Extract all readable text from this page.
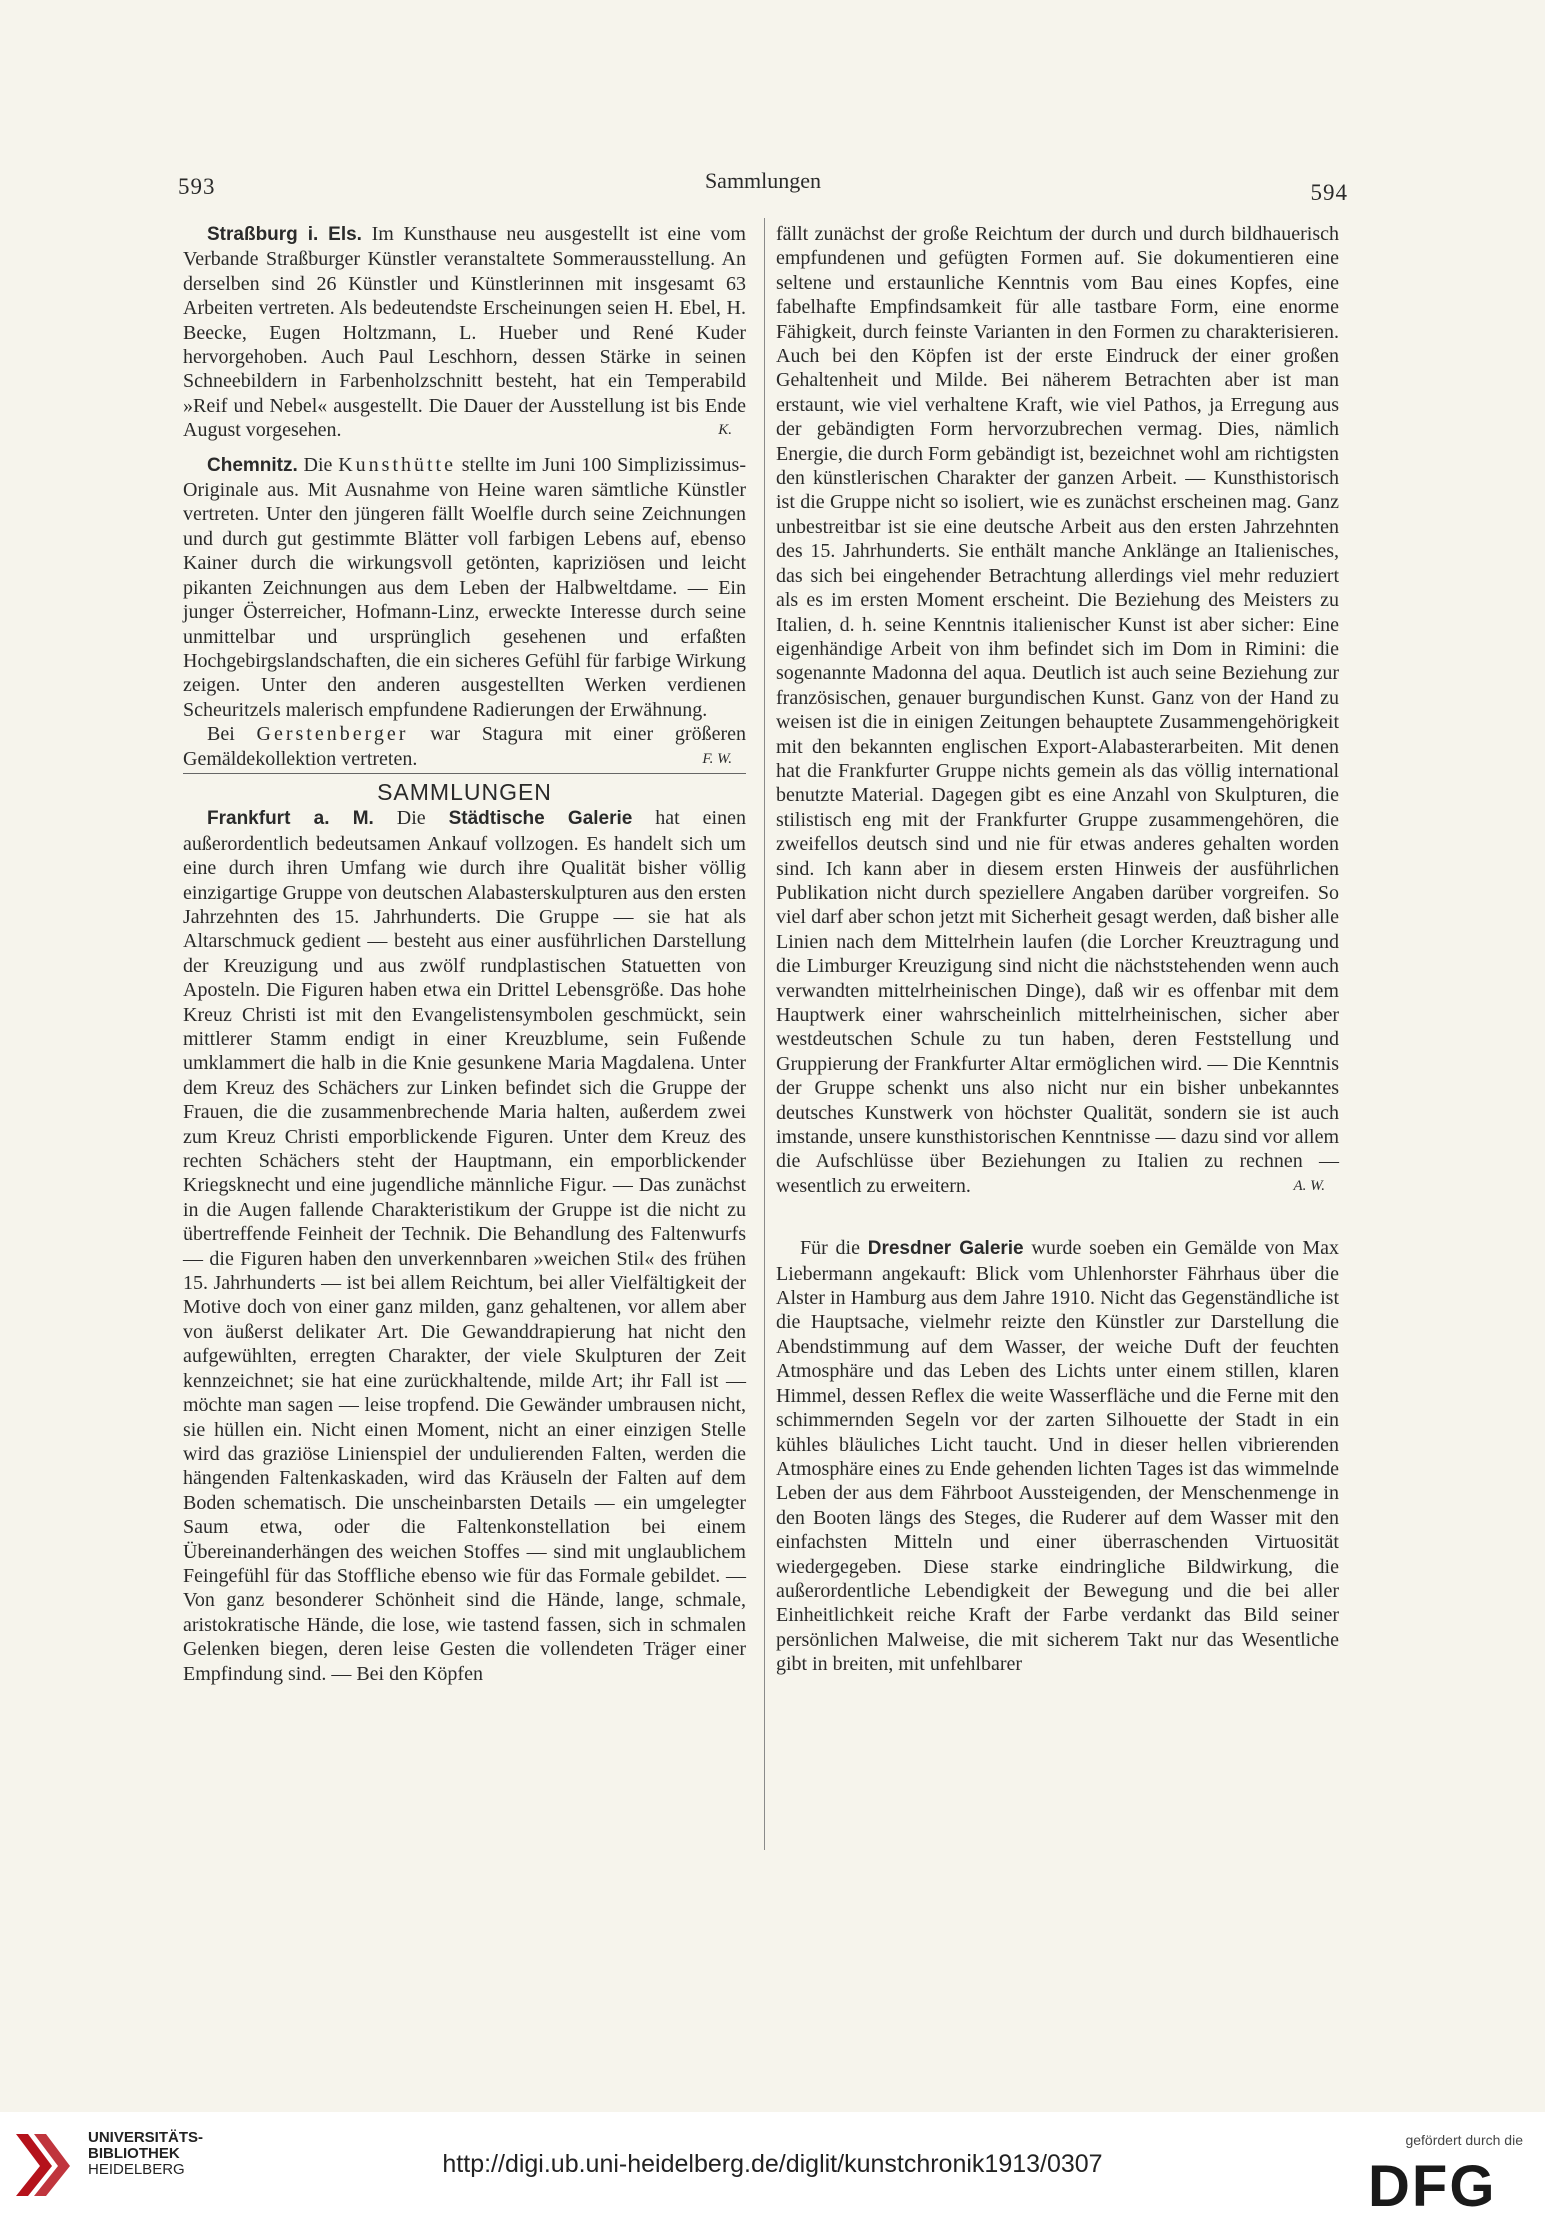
593	Sammlungen	594

Straßburg i. Els. Im Kunsthause neu ausgestellt ist eine vom Verbande Straßburger Künstler veranstaltete Sommerausstellung. An derselben sind 26 Künstler und Künstlerinnen mit insgesamt 63 Arbeiten vertreten. Als bedeutendste Erscheinungen seien H. Ebel, H. Beecke, Eugen Holtzmann, L. Hueber und René Kuder hervorgehoben. Auch Paul Leschhorn, dessen Stärke in seinen Schneebildern in Farbenholzschnitt besteht, hat ein Temperabild »Reif und Nebel« ausgestellt. Die Dauer der Ausstellung ist bis Ende August vorgesehen.	K.

Chemnitz. Die Kunsthütte stellte im Juni 100 Simplizissimus-Originale aus. Mit Ausnahme von Heine waren sämtliche Künstler vertreten. Unter den jüngeren fällt Woelfle durch seine Zeichnungen und durch gut gestimmte Blätter voll farbigen Lebens auf, ebenso Kainer durch die wirkungsvoll getönten, kapriziösen und leicht pikanten Zeichnungen aus dem Leben der Halbweltdame. — Ein junger Österreicher, Hofmann-Linz, erweckte Interesse durch seine unmittelbar und ursprünglich gesehenen und erfaßten Hochgebirgslandschaften, die ein sicheres Gefühl für farbige Wirkung zeigen. Unter den anderen ausgestellten Werken verdienen Scheuritzels malerisch empfundene Radierungen der Erwähnung.

Bei Gerstenberger war Stagura mit einer größeren Gemäldekollektion vertreten.	F. W.

SAMMLUNGEN

Frankfurt a. M. Die Städtische Galerie hat einen außerordentlich bedeutsamen Ankauf vollzogen. Es handelt sich um eine durch ihren Umfang wie durch ihre Qualität bisher völlig einzigartige Gruppe von deutschen Alabasterskulpturen aus den ersten Jahrzehnten des 15. Jahrhunderts. Die Gruppe — sie hat als Altarschmuck gedient — besteht aus einer ausführlichen Darstellung der Kreuzigung und aus zwölf rundplastischen Statuetten von Aposteln. Die Figuren haben etwa ein Drittel Lebensgröße. Das hohe Kreuz Christi ist mit den Evangelistensymbolen geschmückt, sein mittlerer Stamm endigt in einer Kreuzblume, sein Fußende umklammert die halb in die Knie gesunkene Maria Magdalena. Unter dem Kreuz des Schächers zur Linken befindet sich die Gruppe der Frauen, die die zusammenbrechende Maria halten, außerdem zwei zum Kreuz Christi emporblickende Figuren. Unter dem Kreuz des rechten Schächers steht der Hauptmann, ein emporblickender Kriegsknecht und eine jugendliche männliche Figur. — Das zunächst in die Augen fallende Charakteristikum der Gruppe ist die nicht zu übertreffende Feinheit der Technik. Die Behandlung des Faltenwurfs — die Figuren haben den unverkennbaren »weichen Stil« des frühen 15. Jahrhunderts — ist bei allem Reichtum, bei aller Vielfältigkeit der Motive doch von einer ganz milden, ganz gehaltenen, vor allem aber von äußerst delikater Art. Die Gewanddrapierung hat nicht den aufgewühlten, erregten Charakter, der viele Skulpturen der Zeit kennzeichnet; sie hat eine zurückhaltende, milde Art; ihr Fall ist — möchte man sagen — leise tropfend. Die Gewänder umbrausen nicht, sie hüllen ein. Nicht einen Moment, nicht an einer einzigen Stelle wird das graziöse Linienspiel der undulierenden Falten, werden die hängenden Faltenkaskaden, wird das Kräuseln der Falten auf dem Boden schematisch. Die unscheinbarsten Details — ein umgelegter Saum etwa, oder die Faltenkonstellation bei einem Übereinanderhängen des weichen Stoffes — sind mit unglaublichem Feingefühl für das Stoffliche ebenso wie für das Formale gebildet. — Von ganz besonderer Schönheit sind die Hände, lange, schmale, aristokratische Hände, die lose, wie tastend fassen, sich in schmalen Gelenken biegen, deren leise Gesten die vollendeten Träger einer Empfindung sind. — Bei den Köpfen

fällt zunächst der große Reichtum der durch und durch bildhauerisch empfundenen und gefügten Formen auf. Sie dokumentieren eine seltene und erstaunliche Kenntnis vom Bau eines Kopfes, eine fabelhafte Empfindsamkeit für alle tastbare Form, eine enorme Fähigkeit, durch feinste Varianten in den Formen zu charakterisieren. Auch bei den Köpfen ist der erste Eindruck der einer großen Gehaltenheit und Milde. Bei näherem Betrachten aber ist man erstaunt, wie viel verhaltene Kraft, wie viel Pathos, ja Erregung aus der gebändigten Form hervorzubrechen vermag. Dies, nämlich Energie, die durch Form gebändigt ist, bezeichnet wohl am richtigsten den künstlerischen Charakter der ganzen Arbeit. — Kunsthistorisch ist die Gruppe nicht so isoliert, wie es zunächst erscheinen mag. Ganz unbestreitbar ist sie eine deutsche Arbeit aus den ersten Jahrzehnten des 15. Jahrhunderts. Sie enthält manche Anklänge an Italienisches, das sich bei eingehender Betrachtung allerdings viel mehr reduziert als es im ersten Moment erscheint. Die Beziehung des Meisters zu Italien, d. h. seine Kenntnis italienischer Kunst ist aber sicher: Eine eigenhändige Arbeit von ihm befindet sich im Dom in Rimini: die sogenannte Madonna del aqua. Deutlich ist auch seine Beziehung zur französischen, genauer burgundischen Kunst. Ganz von der Hand zu weisen ist die in einigen Zeitungen behauptete Zusammengehörigkeit mit den bekannten englischen Export-Alabasterarbeiten. Mit denen hat die Frankfurter Gruppe nichts gemein als das völlig international benutzte Material. Dagegen gibt es eine Anzahl von Skulpturen, die stilistisch eng mit der Frankfurter Gruppe zusammengehören, die zweifellos deutsch sind und nie für etwas anderes gehalten worden sind. Ich kann aber in diesem ersten Hinweis der ausführlichen Publikation nicht durch speziellere Angaben darüber vorgreifen. So viel darf aber schon jetzt mit Sicherheit gesagt werden, daß bisher alle Linien nach dem Mittelrhein laufen (die Lorcher Kreuztragung und die Limburger Kreuzigung sind nicht die nächststehenden wenn auch verwandten mittelrheinischen Dinge), daß wir es offenbar mit dem Hauptwerk einer wahrscheinlich mittelrheinischen, sicher aber westdeutschen Schule zu tun haben, deren Feststellung und Gruppierung der Frankfurter Altar ermöglichen wird. — Die Kenntnis der Gruppe schenkt uns also nicht nur ein bisher unbekanntes deutsches Kunstwerk von höchster Qualität, sondern sie ist auch imstande, unsere kunsthistorischen Kenntnisse — dazu sind vor allem die Aufschlüsse über Beziehungen zu Italien zu rechnen — wesentlich zu erweitern.	A. W.

Für die Dresdner Galerie wurde soeben ein Gemälde von Max Liebermann angekauft: Blick vom Uhlenhorster Fährhaus über die Alster in Hamburg aus dem Jahre 1910. Nicht das Gegenständliche ist die Hauptsache, vielmehr reizte den Künstler zur Darstellung die Abendstimmung auf dem Wasser, der weiche Duft der feuchten Atmosphäre und das Leben des Lichts unter einem stillen, klaren Himmel, dessen Reflex die weite Wasserfläche und die Ferne mit den schimmernden Segeln vor der zarten Silhouette der Stadt in ein kühles bläuliches Licht taucht. Und in dieser hellen vibrierenden Atmosphäre eines zu Ende gehenden lichten Tages ist das wimmelnde Leben der aus dem Fährboot Aussteigenden, der Menschenmenge in den Booten längs des Steges, die Ruderer auf dem Wasser mit den einfachsten Mitteln und einer überraschenden Virtuosität wiedergegeben. Diese starke eindringliche Bildwirkung, die außerordentliche Lebendigkeit der Bewegung und die bei aller Einheitlichkeit reiche Kraft der Farbe verdankt das Bild seiner persönlichen Malweise, die mit sicherem Takt nur das Wesentliche gibt in breiten, mit unfehlbarer

UNIVERSITÄTS-
BIBLIOTHEK
HEIDELBERG	http://digi.ub.uni-heidelberg.de/diglit/kunstchronik1913/0307
gefördert durch die
DFG
